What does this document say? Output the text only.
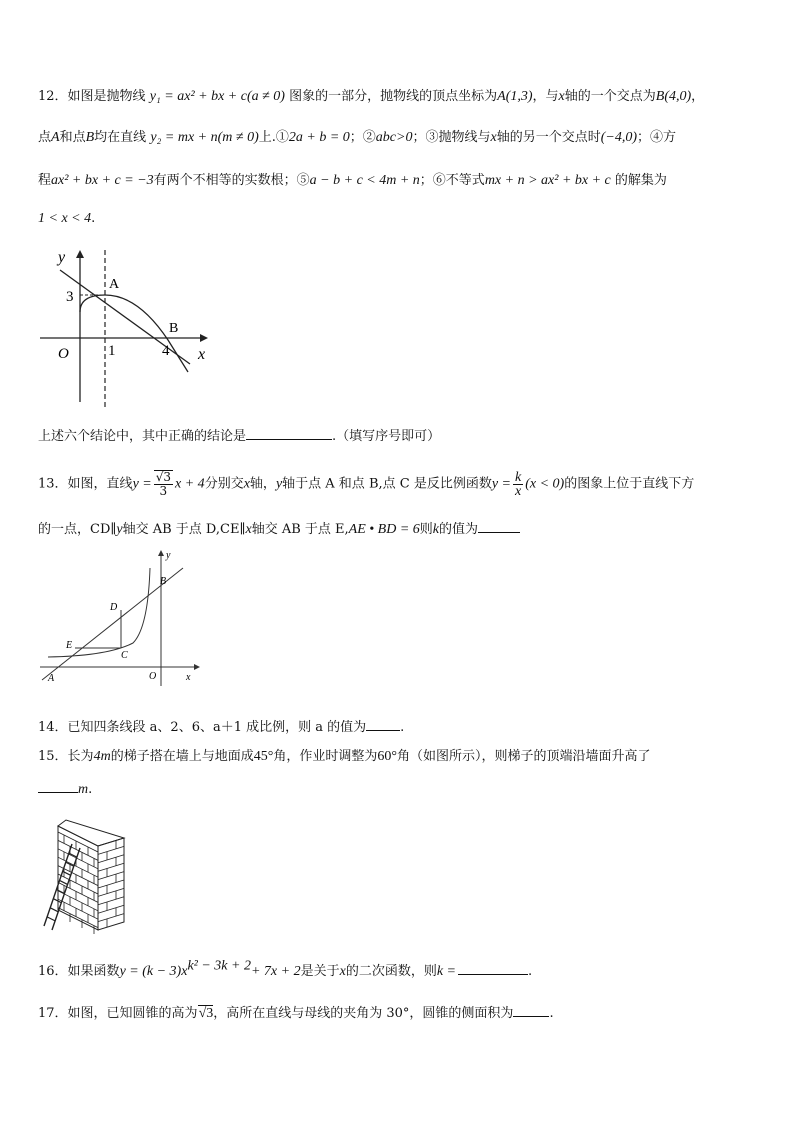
12．如图是抛物线 y₁ = ax² + bx + c(a ≠ 0) 图象的一部分，抛物线的顶点坐标为A(1,3)，与x轴的一个交点为B(4,0)，
点A和点B均在直线 y₂ = mx + n(m ≠ 0)上.①2a + b = 0；②abc>0；③抛物线与x轴的另一个交点时(−4,0)；④方
程ax² + bx + c = −3有两个不相等的实数根；⑤a − b + c < 4m + n；⑥不等式mx + n > ax² + bx + c 的解集为
1 < x < 4.
y
3
A
B
O	1	4 x
上述六个结论中，其中正确的结论是	.（填写序号即可）
13．如图，直线$y = \frac{√3}{3}$ x + 4分别交x轴，y轴于点 A 和点 B,点 C 是反比例函数$y = \frac{k}{x} (x < 0)$的图象上位于直线下方
的一点，CD∥y轴交 AB 于点 D,CE∥x轴交 AB 于点 E,AE • BD = 6则k的值为
y
B
D
E
C
A	O	x
14．已知四条线段 a、2、6、a＋1 成比例，则 a 的值为	.
15．长为4m的梯子搭在墙上与地面成45°角，作业时调整为60°角（如图所示），则梯子的顶端沿墙面升高了
m.
16．如果函数$y = (k - 3)x^{k^2 - 3k + 2}+ 7x + 2$是关于x的二次函数，则k =	.
17．如图，已知圆锥的高为√3，高所在直线与母线的夹角为 30°，圆锥的侧面积为	.
